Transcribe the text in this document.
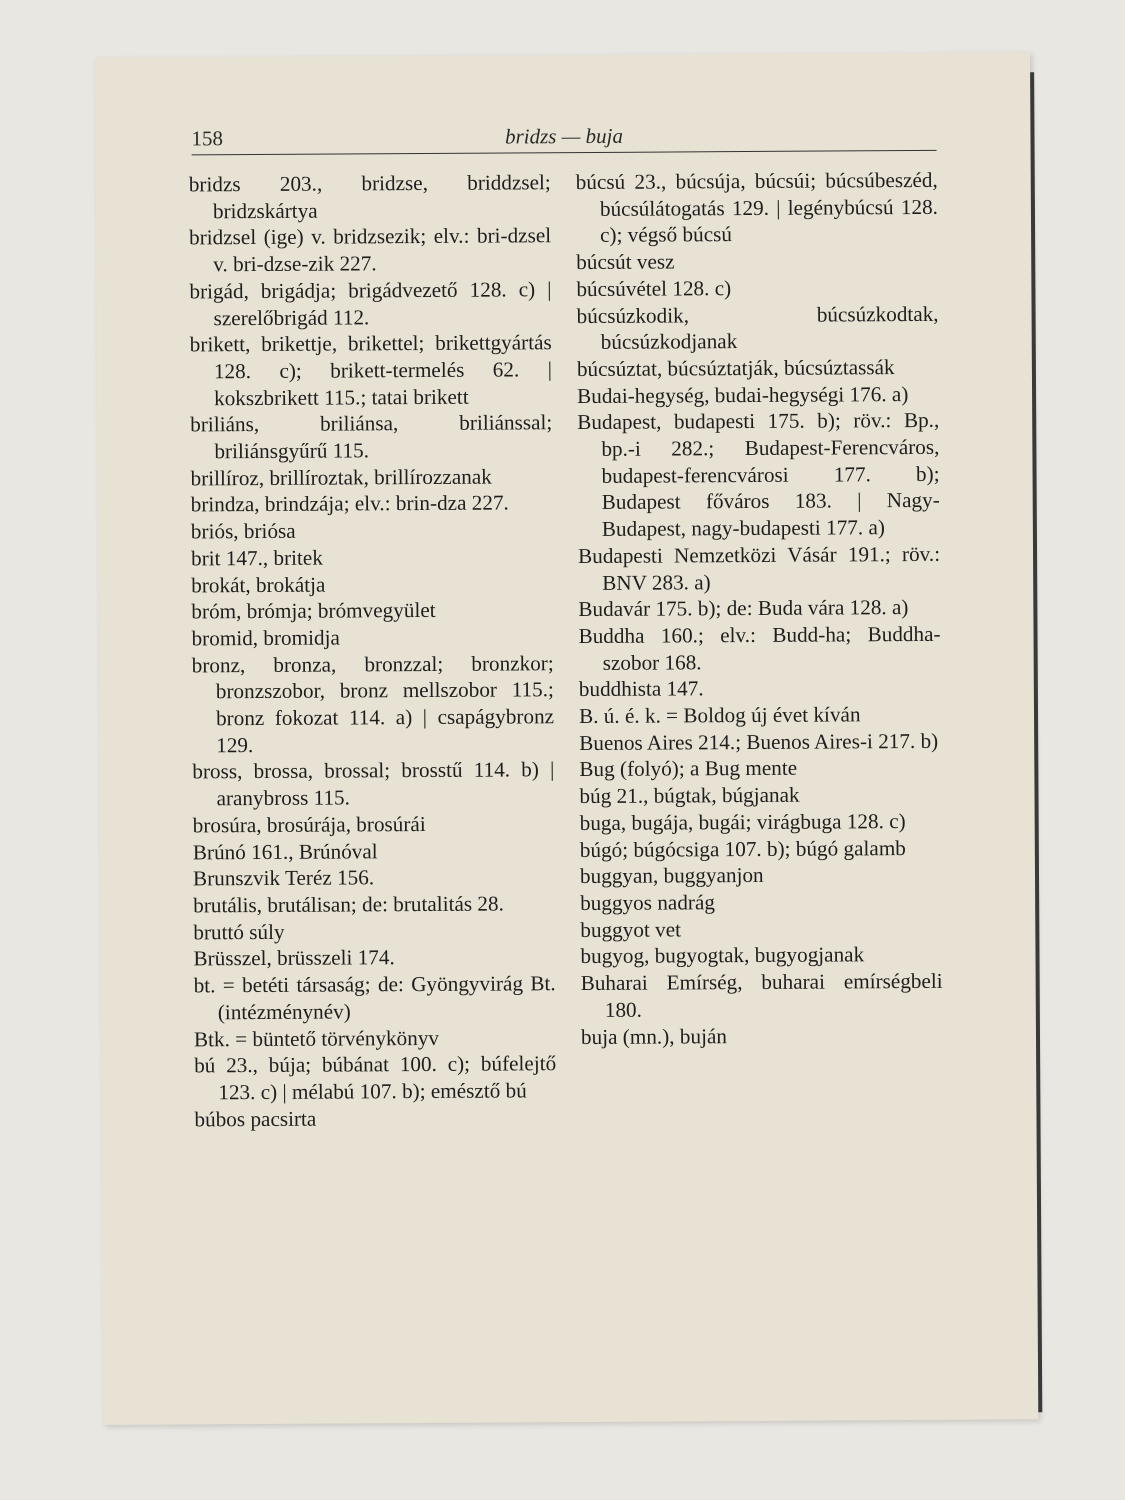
158	bridzs — buja

bridzs 203., bridzse, briddzsel; bridzskártya

bridzsel (ige) v. bridzsezik; elv.: bri-dzsel v. bri-dzse-zik 227.

brigád, brigádja; brigádvezető 128. c) | szerelőbrigád 112.

brikett, brikettje, brikettel; brikettgyártás 128. c); brikett-termelés 62. | kokszbrikett 115.; tatai brikett

briliáns, briliánsa, briliánssal; briliánsgyűrű 115.

brillíroz, brillíroztak, brillírozzanak

brindza, brindzája; elv.: brin-dza 227.

briós, briósa

brit 147., britek

brokát, brokátja

bróm, brómja; brómvegyület

bromid, bromidja

bronz, bronza, bronzzal; bronzkor; bronzszobor, bronz mellszobor 115.; bronz fokozat 114. a) | csapágybronz 129.

bross, brossa, brossal; brosstű 114. b) | aranybross 115.

brosúra, brosúrája, brosúrái

Brúnó 161., Brúnóval

Brunszvik Teréz 156.

brutális, brutálisan; de: brutalitás 28.

bruttó súly

Brüsszel, brüsszeli 174.

bt. = betéti társaság; de: Gyöngyvirág Bt. (intézménynév)

Btk. = büntető törvénykönyv

bú 23., búja; búbánat 100. c); búfelejtő 123. c) | mélabú 107. b); emésztő bú

búbos pacsirta

búcsú 23., búcsúja, búcsúi; búcsúbeszéd, búcsúlátogatás 129. | legénybúcsú 128. c); végső búcsú

búcsút vesz

búcsúvétel 128. c)

búcsúzkodik, búcsúzkodtak, búcsúzkodjanak

búcsúztat, búcsúztatják, búcsúztassák

Budai-hegység, budai-hegységi 176. a)

Budapest, budapesti 175. b); röv.: Bp., bp.-i 282.; Budapest-Ferencváros, budapest-ferencvárosi 177. b); Budapest főváros 183. | Nagy-Budapest, nagy-budapesti 177. a)

Budapesti Nemzetközi Vásár 191.; röv.: BNV 283. a)

Budavár 175. b); de: Buda vára 128. a)

Buddha 160.; elv.: Budd-ha; Buddha-szobor 168.

buddhista 147.

B. ú. é. k. = Boldog új évet kíván

Buenos Aires 214.; Buenos Aires-i 217. b)

Bug (folyó); a Bug mente

búg 21., búgtak, búgjanak

buga, bugája, bugái; virágbuga 128. c)

búgó; búgócsiga 107. b); búgó galamb

buggyan, buggyanjon

buggyos nadrág

buggyot vet

bugyog, bugyogtak, bugyogjanak

Buharai Emírség, buharai emírségbeli 180.

buja (mn.), buján
